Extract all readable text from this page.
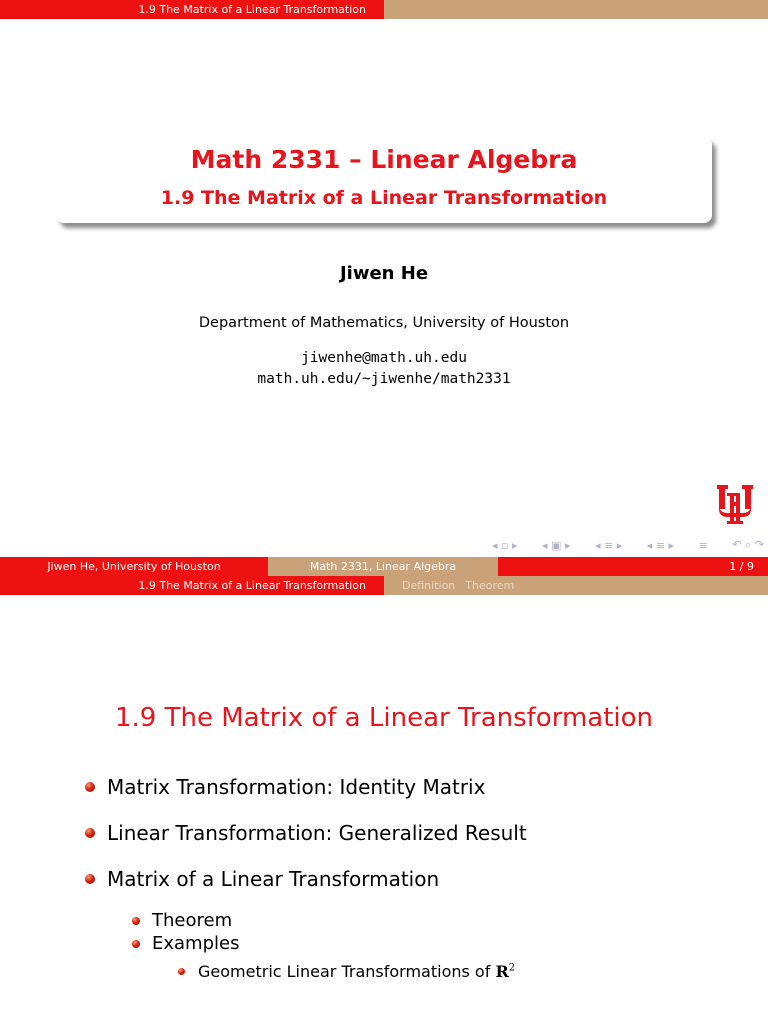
1.9 The Matrix of a Linear Transformation
Math 2331 – Linear Algebra
1.9 The Matrix of a Linear Transformation
Jiwen He
Department of Mathematics, University of Houston
jiwenhe@math.uh.edu
math.uh.edu/∼jiwenhe/math2331
◂ ▫ ▸ ◂ ▣ ▸ ◂ ≡ ▸ ◂ ≡ ▸ ≡ ↶ ⌕ ↷
Jiwen He, University of Houston	Math 2331, Linear Algebra	1 / 9
1.9 The Matrix of a Linear Transformation	Definition Theorem
1.9 The Matrix of a Linear Transformation
Matrix Transformation: Identity Matrix
Linear Transformation: Generalized Result
Matrix of a Linear Transformation
Theorem
Examples
Geometric Linear Transformations of
$R^2$
